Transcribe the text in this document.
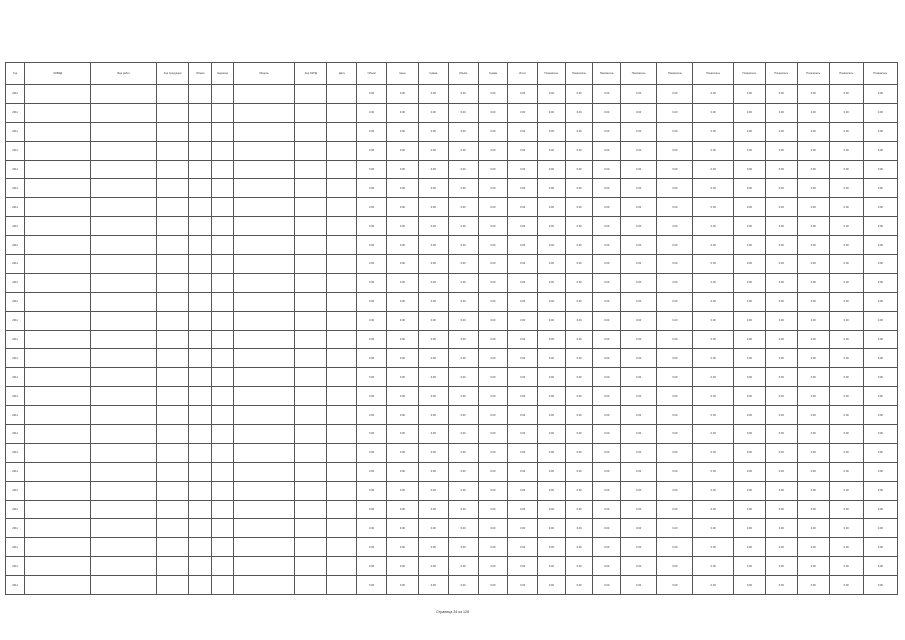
Год	ОКВЭД	Вид работ	Код продукции	Объём	Единица	Модель	Код ОКПД	Дата	Объём	Цена	Сумма	Объём	Сумма	Итого	Показатель	Показатель	Показатель	Показатель	Показатель	Показатель	Показатель	Показатель	Показатель	Показатель	Показатель
2011									0.00	0.00	0.00	0.00	0.00	0.00	0.00	0.00	0.00	0.00	0.00	0.00	0.00	0.00	0.00	0.00	0.00
2011									0.00	0.00	0.00	0.00	0.00	0.00	0.00	0.00	0.00	0.00	0.00	0.00	0.00	0.00	0.00	0.00	0.00
2011									0.00	0.00	0.00	0.00	0.00	0.00	0.00	0.00	0.00	0.00	0.00	0.00	0.00	0.00	0.00	0.00	0.00
2011									0.00	0.00	0.00	0.00	0.00	0.00	0.00	0.00	0.00	0.00	0.00	0.00	0.00	0.00	0.00	0.00	0.00
2011									0.00	0.00	0.00	0.00	0.00	0.00	0.00	0.00	0.00	0.00	0.00	0.00	0.00	0.00	0.00	0.00	0.00
2011									0.00	0.00	0.00	0.00	0.00	0.00	0.00	0.00	0.00	0.00	0.00	0.00	0.00	0.00	0.00	0.00	0.00
2011									0.00	0.00	0.00	0.00	0.00	0.00	0.00	0.00	0.00	0.00	0.00	0.00	0.00	0.00	0.00	0.00	0.00
2011									0.00	0.00	0.00	0.00	0.00	0.00	0.00	0.00	0.00	0.00	0.00	0.00	0.00	0.00	0.00	0.00	0.00
2011									0.00	0.00	0.00	0.00	0.00	0.00	0.00	0.00	0.00	0.00	0.00	0.00	0.00	0.00	0.00	0.00	0.00
2011									0.00	0.00	0.00	0.00	0.00	0.00	0.00	0.00	0.00	0.00	0.00	0.00	0.00	0.00	0.00	0.00	0.00
2011									0.00	0.00	0.00	0.00	0.00	0.00	0.00	0.00	0.00	0.00	0.00	0.00	0.00	0.00	0.00	0.00	0.00
2011									0.00	0.00	0.00	0.00	0.00	0.00	0.00	0.00	0.00	0.00	0.00	0.00	0.00	0.00	0.00	0.00	0.00
2011									0.00	0.00	0.00	0.00	0.00	0.00	0.00	0.00	0.00	0.00	0.00	0.00	0.00	0.00	0.00	0.00	0.00
2011									0.00	0.00	0.00	0.00	0.00	0.00	0.00	0.00	0.00	0.00	0.00	0.00	0.00	0.00	0.00	0.00	0.00
2011									0.00	0.00	0.00	0.00	0.00	0.00	0.00	0.00	0.00	0.00	0.00	0.00	0.00	0.00	0.00	0.00	0.00
2011									0.00	0.00	0.00	0.00	0.00	0.00	0.00	0.00	0.00	0.00	0.00	0.00	0.00	0.00	0.00	0.00	0.00
2011									0.00	0.00	0.00	0.00	0.00	0.00	0.00	0.00	0.00	0.00	0.00	0.00	0.00	0.00	0.00	0.00	0.00
2011									0.00	0.00	0.00	0.00	0.00	0.00	0.00	0.00	0.00	0.00	0.00	0.00	0.00	0.00	0.00	0.00	0.00
2011									0.00	0.00	0.00	0.00	0.00	0.00	0.00	0.00	0.00	0.00	0.00	0.00	0.00	0.00	0.00	0.00	0.00
2011									0.00	0.00	0.00	0.00	0.00	0.00	0.00	0.00	0.00	0.00	0.00	0.00	0.00	0.00	0.00	0.00	0.00
2011									0.00	0.00	0.00	0.00	0.00	0.00	0.00	0.00	0.00	0.00	0.00	0.00	0.00	0.00	0.00	0.00	0.00
2011									0.00	0.00	0.00	0.00	0.00	0.00	0.00	0.00	0.00	0.00	0.00	0.00	0.00	0.00	0.00	0.00	0.00
2011									0.00	0.00	0.00	0.00	0.00	0.00	0.00	0.00	0.00	0.00	0.00	0.00	0.00	0.00	0.00	0.00	0.00
2011									0.00	0.00	0.00	0.00	0.00	0.00	0.00	0.00	0.00	0.00	0.00	0.00	0.00	0.00	0.00	0.00	0.00
2011									0.00	0.00	0.00	0.00	0.00	0.00	0.00	0.00	0.00	0.00	0.00	0.00	0.00	0.00	0.00	0.00	0.00
2011									0.00	0.00	0.00	0.00	0.00	0.00	0.00	0.00	0.00	0.00	0.00	0.00	0.00	0.00	0.00	0.00	0.00
2011									0.00	0.00	0.00	0.00	0.00	0.00	0.00	0.00	0.00	0.00	0.00	0.00	0.00	0.00	0.00	0.00	0.00
Страница 34 из 128
